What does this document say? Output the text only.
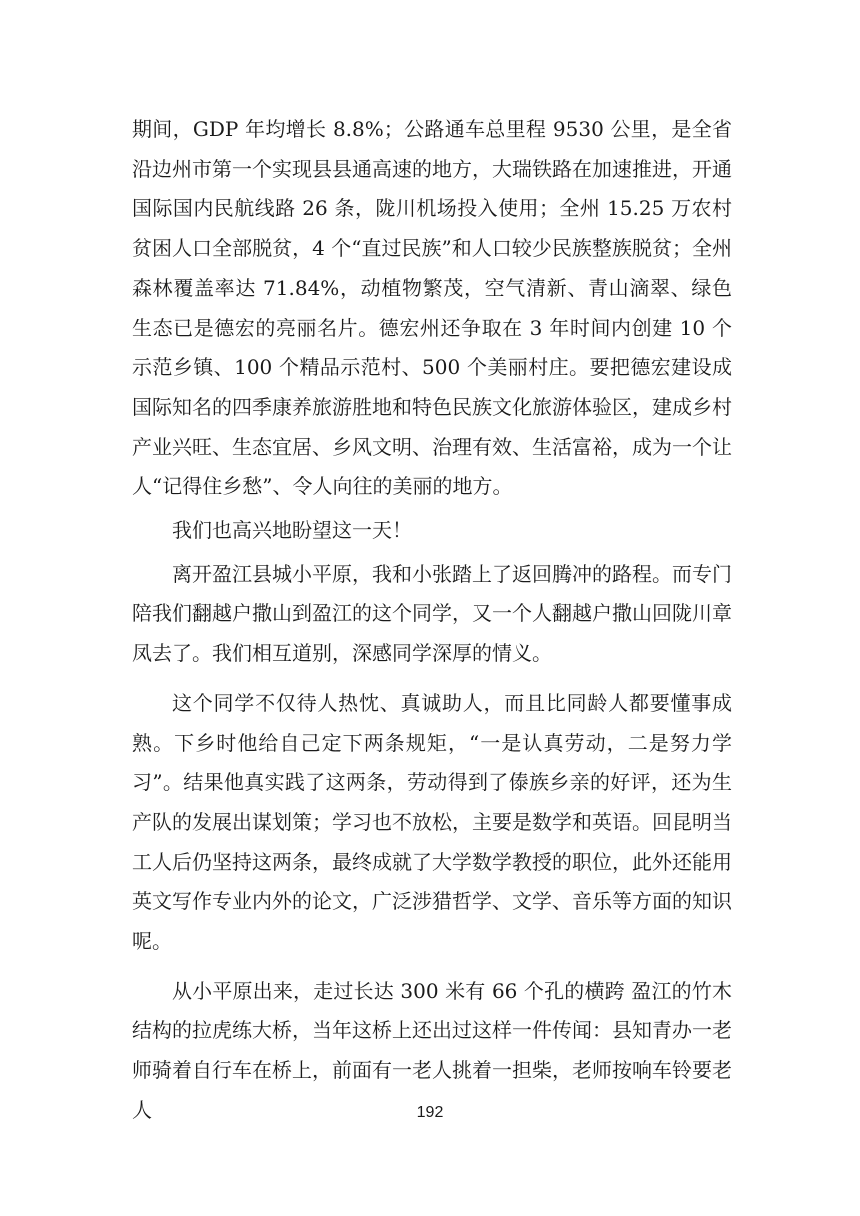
期间，GDP 年均增长 8.8%；公路通车总里程 9530 公里，是全省沿边州市第一个实现县县通高速的地方，大瑞铁路在加速推进，开通国际国内民航线路 26 条，陇川机场投入使用；全州 15.25 万农村贫困人口全部脱贫，4 个“直过民族”和人口较少民族整族脱贫；全州森林覆盖率达 71.84%，动植物繁茂，空气清新、青山滴翠、绿色生态已是德宏的亮丽名片。德宏州还争取在 3 年时间内创建 10 个示范乡镇、100 个精品示范村、500 个美丽村庄。要把德宏建设成国际知名的四季康养旅游胜地和特色民族文化旅游体验区，建成乡村产业兴旺、生态宜居、乡风文明、治理有效、生活富裕，成为一个让人“记得住乡愁”、令人向往的美丽的地方。

我们也高兴地盼望这一天！

离开盈江县城小平原，我和小张踏上了返回腾冲的路程。而专门陪我们翻越户撒山到盈江的这个同学，又一个人翻越户撒山回陇川章凤去了。我们相互道别，深感同学深厚的情义。

这个同学不仅待人热忱、真诚助人，而且比同龄人都要懂事成熟。下乡时他给自己定下两条规矩，“一是认真劳动，二是努力学习”。结果他真实践了这两条，劳动得到了傣族乡亲的好评，还为生产队的发展出谋划策；学习也不放松，主要是数学和英语。回昆明当工人后仍坚持这两条，最终成就了大学数学教授的职位，此外还能用英文写作专业内外的论文，广泛涉猎哲学、文学、音乐等方面的知识呢。

从小平原出来，走过长达 300 米有 66 个孔的横跨 盈江的竹木结构的拉虎练大桥，当年这桥上还出过这样一件传闻：县知青办一老师骑着自行车在桥上，前面有一老人挑着一担柴，老师按响车铃要老人	192
